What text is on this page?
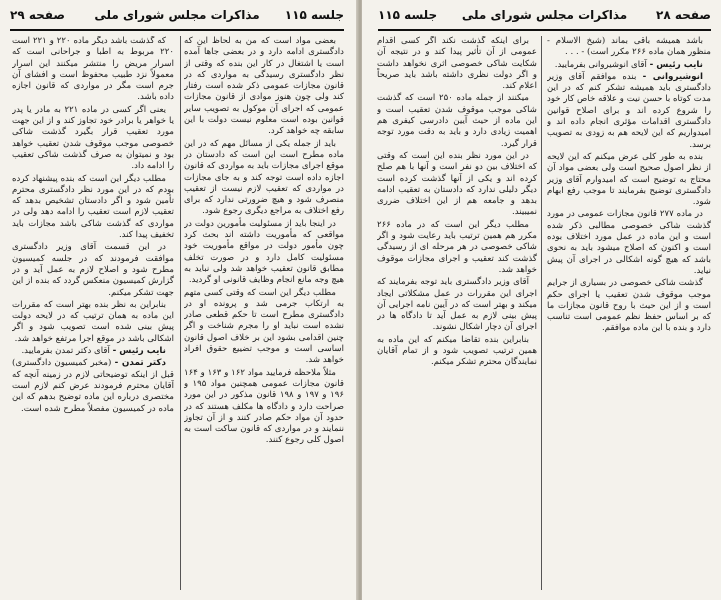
جلسه ۱۱۵
مذاکرات مجلس شورای ملی
صفحه ۲۹

بعضی مواد است که من به لحاظ این که دادگستری ادامه دارد و در بعضی جاها آمده است یا اشتغال در کار این بنده که وقتی از نظر دادگستری رسیدگی به مواردی که در قانون مجازات عمومی ذکر شده است رفتار کند ولی چون هنوز موادی از قانون مجازات عمومی که اجرای آن موکول به تصویب سایر قوانین بوده است معلوم نیست دولت با این سابقه چه خواهد کرد.

باید از جمله یکی از مسائل مهم که در این ماده مطرح است این است که دادستان در موقع اجرای مجازات باید به مواردی که قانون اجازه داده است توجه کند و به جای مجازات در مواردی که تعقیب لازم نیست از تعقیب منصرف شود و هیچ ضرورتی ندارد که برای رفع اختلاف به مراجع دیگری رجوع شود.

در اینجا باید از مسئولیت مأمورین دولت در مواقعی که مأموریت داشته اند بحث کرد چون مأمور دولت در مواقع مأموریت خود مسئولیت کامل دارد و در صورت تخلف مطابق قانون تعقیب خواهد شد ولی نباید به هیچ وجه مانع انجام وظایف قانونی او گردید.

مطلب دیگر این است که وقتی کسی متهم به ارتکاب جرمی شد و پرونده او در دادگستری مطرح است تا حکم قطعی صادر نشده است نباید او را مجرم شناخت و اگر چنین اقدامی بشود این بر خلاف اصول قانون اساسی است و موجب تضییع حقوق افراد خواهد شد.

مثلاً ملاحظه فرمایید مواد ۱۶۲ و ۱۶۳ و ۱۶۴ قانون مجازات عمومی همچنین مواد ۱۹۵ و ۱۹۶ و ۱۹۷ و ۱۹۸ قانون مذکور در این مورد صراحت دارد و دادگاه ها مکلف هستند که در حدود آن مواد حکم صادر کنند و از آن تجاوز ننمایند و در مواردی که قانون ساکت است به اصول کلی رجوع کنند.

که گذشت باشد دیگر ماده ۲۲۰ و ۲۲۱ است ۲۲۰ مربوط به اطبا و جراحانی است که اسرار مریض را منتشر میکنند این اسرار معمولاً نزد طبیب محفوظ است و افشای آن جرم است مگر در مواردی که قانون اجازه داده باشد.

یعنی اگر کسی در ماده ۲۲۱ به مادر یا پدر یا خواهر یا برادر خود تجاوز کند و از این جهت مورد تعقیب قرار بگیرد گذشت شاکی خصوصی موجب موقوف شدن تعقیب خواهد بود و نمیتوان به صرف گذشت شاکی تعقیب را ادامه داد.

مطلب دیگر این است که بنده پیشنهاد کرده بودم که در این مورد نظر دادگستری محترم تأمین شود و اگر دادستان تشخیص بدهد که تعقیب لازم است تعقیب را ادامه دهد ولی در مواردی که گذشت شاکی باشد مجازات باید تخفیف پیدا کند.

در این قسمت آقای وزیر دادگستری موافقت فرمودند که در جلسه کمیسیون مطرح شود و اصلاح لازم به عمل آید و در گزارش کمیسیون منعکس گردد که بنده از این جهت تشکر میکنم.

بنابراین به نظر بنده بهتر است که مقررات این ماده به همان ترتیب که در لایحه دولت پیش بینی شده است تصویب شود و اگر اشکالی باشد در موقع اجرا مرتفع خواهد شد.

نایب رئیس - آقای دکتر تمدن بفرمایید.

دکتر تمدن - (مخبر کمیسیون دادگستری) قبل از اینکه توضیحاتی لازم در زمینه آنچه که آقایان محترم فرمودند عرض کنم لازم است مختصری درباره این ماده توضیح بدهم که این ماده در کمیسیون مفصلاً مطرح شده است.

صفحه ۲۸
مذاکرات مجلس شورای ملی
جلسه ۱۱۵

باشد همیشه باقی بماند (شیخ الاسلام - منظور همان ماده ۲۶۶ مکرر است) - . . .

نایب رئیس - آقای انوشیروانی بفرمایید.

انوشیروانی - بنده موافقم آقای وزیر دادگستری باید همیشه تشکر کنم که در این مدت کوتاه با حسن نیت و علاقه خاص کار خود را شروع کرده اند و برای اصلاح قوانین دادگستری اقدامات مؤثری انجام داده اند و امیدواریم که این لایحه هم به زودی به تصویب برسد.

بنده به طور کلی عرض میکنم که این لایحه از نظر اصول صحیح است ولی بعضی مواد آن محتاج به توضیح است که امیدوارم آقای وزیر دادگستری توضیح بفرمایند تا موجب رفع ابهام شود.

در ماده ۲۷۷ قانون مجازات عمومی در مورد گذشت شاکی خصوصی مطالبی ذکر شده است و این ماده در عمل مورد اختلاف بوده است و اکنون که اصلاح میشود باید به نحوی باشد که هیچ گونه اشکالی در اجرای آن پیش نیاید.

گذشت شاکی خصوصی در بسیاری از جرایم موجب موقوف شدن تعقیب یا اجرای حکم است و از این حیث با روح قانون مجازات ما که بر اساس حفظ نظم عمومی است تناسب دارد و بنده با این ماده موافقم.

برای اینکه گذشت نکند اگر کسی اقدام عمومی از آن تأثیر پیدا کند و در نتیجه آن شکایت شاکی خصوصی اثری نخواهد داشت و اگر دولت نظری داشته باشد باید صریحاً اعلام کند.

میکنند از جمله ماده ۲۵۰ است که گذشت شاکی موجب موقوف شدن تعقیب است و این ماده از حیث آیین دادرسی کیفری هم اهمیت زیادی دارد و باید به دقت مورد توجه قرار گیرد.

در این مورد نظر بنده این است که وقتی که اختلاف بین دو نفر است و آنها با هم صلح کرده اند و یکی از آنها گذشت کرده است دیگر دلیلی ندارد که دادستان به تعقیب ادامه بدهد و جامعه هم از این اختلاف ضرری نمیبیند.

مطلب دیگر این است که در ماده ۲۶۶ مکرر هم همین ترتیب باید رعایت شود و اگر شاکی خصوصی در هر مرحله ای از رسیدگی گذشت کند تعقیب و اجرای مجازات موقوف خواهد شد.

آقای وزیر دادگستری باید توجه بفرمایند که اجرای این مقررات در عمل مشکلاتی ایجاد میکند و بهتر است که در آیین نامه اجرایی آن پیش بینی لازم به عمل آید تا دادگاه ها در اجرای آن دچار اشکال نشوند.

بنابراین بنده تقاضا میکنم که این ماده به همین ترتیب تصویب شود و از تمام آقایان نمایندگان محترم تشکر میکنم.
